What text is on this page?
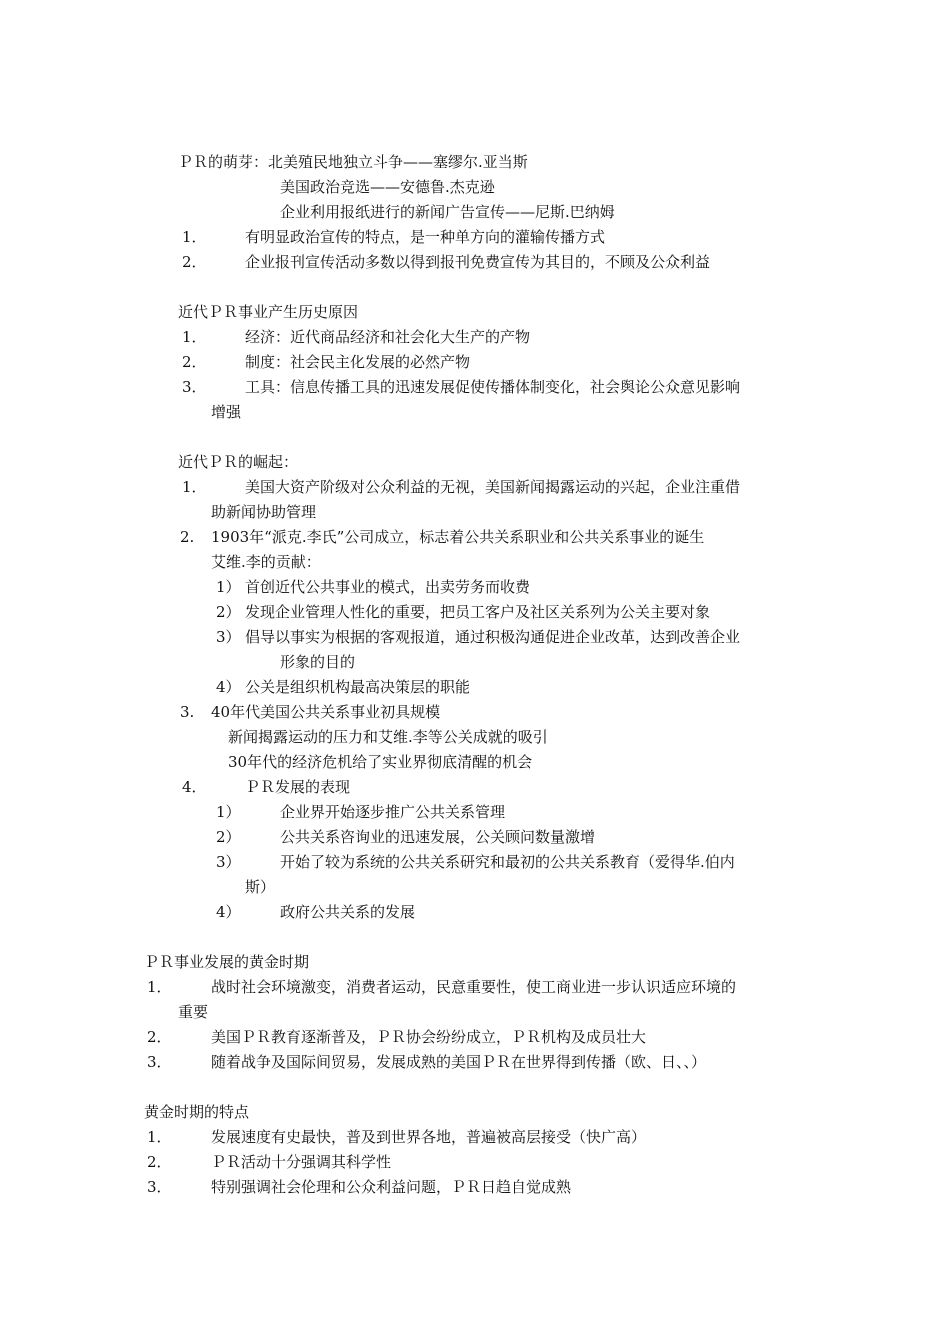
ＰＲ的萌芽：北美殖民地独立斗争——塞缪尔.亚当斯
美国政治竞选——安德鲁.杰克逊
企业利用报纸进行的新闻广告宣传——尼斯.巴纳姆
1．	有明显政治宣传的特点，是一种单方向的灌输传播方式
2．	企业报刊宣传活动多数以得到报刊免费宣传为其目的，不顾及公众利益
近代ＰＲ事业产生历史原因
1．	经济：近代商品经济和社会化大生产的产物
2．	制度：社会民主化发展的必然产物
3．	工具：信息传播工具的迅速发展促使传播体制变化，社会舆论公众意见影响
增强
近代ＰＲ的崛起：
1．	美国大资产阶级对公众利益的无视，美国新闻揭露运动的兴起，企业注重借
助新闻协助管理
2. 1903年“派克.李氏”公司成立，标志着公共关系职业和公共关系事业的诞生
艾维.李的贡献：
1） 首创近代公共事业的模式，出卖劳务而收费
2） 发现企业管理人性化的重要，把员工客户及社区关系列为公关主要对象
3） 倡导以事实为根据的客观报道，通过积极沟通促进企业改革，达到改善企业
形象的目的
4） 公关是组织机构最高决策层的职能
3. 40年代美国公共关系事业初具规模
新闻揭露运动的压力和艾维.李等公关成就的吸引
30年代的经济危机给了实业界彻底清醒的机会
4．	ＰＲ发展的表现
1）	企业界开始逐步推广公共关系管理
2）	公共关系咨询业的迅速发展，公关顾问数量激增
3）	开始了较为系统的公共关系研究和最初的公共关系教育（爱得华.伯内
斯）
4）	政府公共关系的发展
ＰＲ事业发展的黄金时期
1．	战时社会环境激变，消费者运动，民意重要性，使工商业进一步认识适应环境的
重要
2．	美国ＰＲ教育逐渐普及，ＰＲ协会纷纷成立，ＰＲ机构及成员壮大
3．	随着战争及国际间贸易，发展成熟的美国ＰＲ在世界得到传播（欧、日、、）
黄金时期的特点
1．	发展速度有史最快，普及到世界各地，普遍被高层接受（快广高）
2．	ＰＲ活动十分强调其科学性
3．	特别强调社会伦理和公众利益问题，ＰＲ日趋自觉成熟
